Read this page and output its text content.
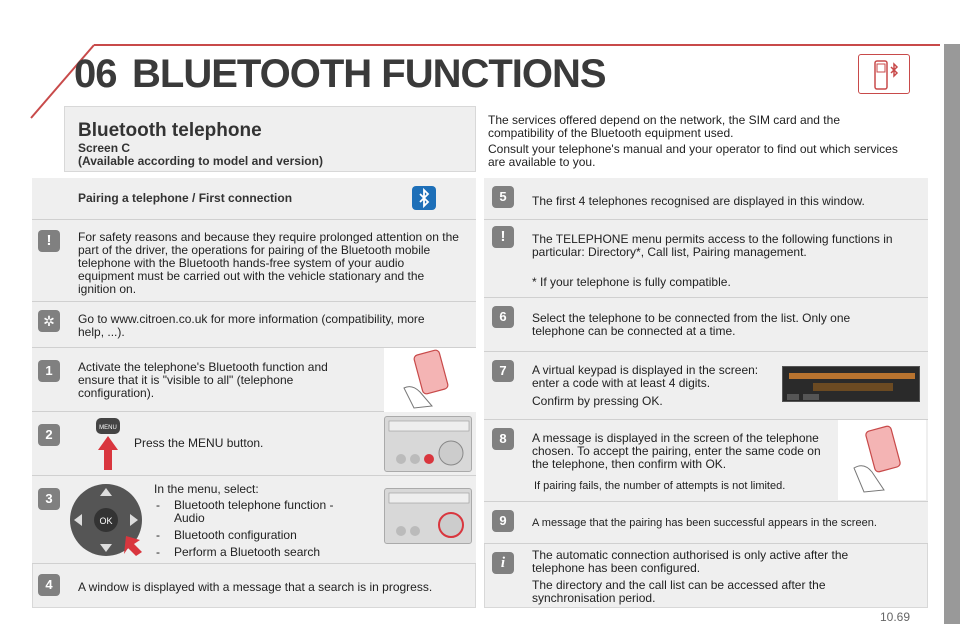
06 BLUETOOTH FUNCTIONS
Bluetooth telephone
Screen C
(Available according to model and version)
The services offered depend on the network, the SIM card and the compatibility of the Bluetooth equipment used.
Consult your telephone's manual and your operator to find out which services are available to you.
Pairing a telephone / First connection
!	For safety reasons and because they require prolonged attention on the part of the driver, the operations for pairing of the Bluetooth mobile telephone with the Bluetooth hands-free system of your audio equipment must be carried out with the vehicle stationary and the ignition on.
✲	Go to www.citroen.co.uk for more information (compatibility, more help, ...).
1	Activate the telephone's Bluetooth function and ensure that it is "visible to all" (telephone configuration).
2	MENU
Press the MENU button.
3
OK
In the menu, select:
- Bluetooth telephone function - Audio
- Bluetooth configuration
- Perform a Bluetooth search
4	A window is displayed with a message that a search is in progress.
5	The first 4 telephones recognised are displayed in this window.
!	The TELEPHONE menu permits access to the following functions in particular: Directory*, Call list, Pairing management.
* If your telephone is fully compatible.
6	Select the telephone to be connected from the list. Only one telephone can be connected at a time.
7	A virtual keypad is displayed in the screen: enter a code with at least 4 digits.
Confirm by pressing OK.
8	A message is displayed in the screen of the telephone chosen. To accept the pairing, enter the same code on the telephone, then confirm with OK.
If pairing fails, the number of attempts is not limited.
9	A message that the pairing has been successful appears in the screen.
i	The automatic connection authorised is only active after the telephone has been configured.
The directory and the call list can be accessed after the synchronisation period.
10.69
